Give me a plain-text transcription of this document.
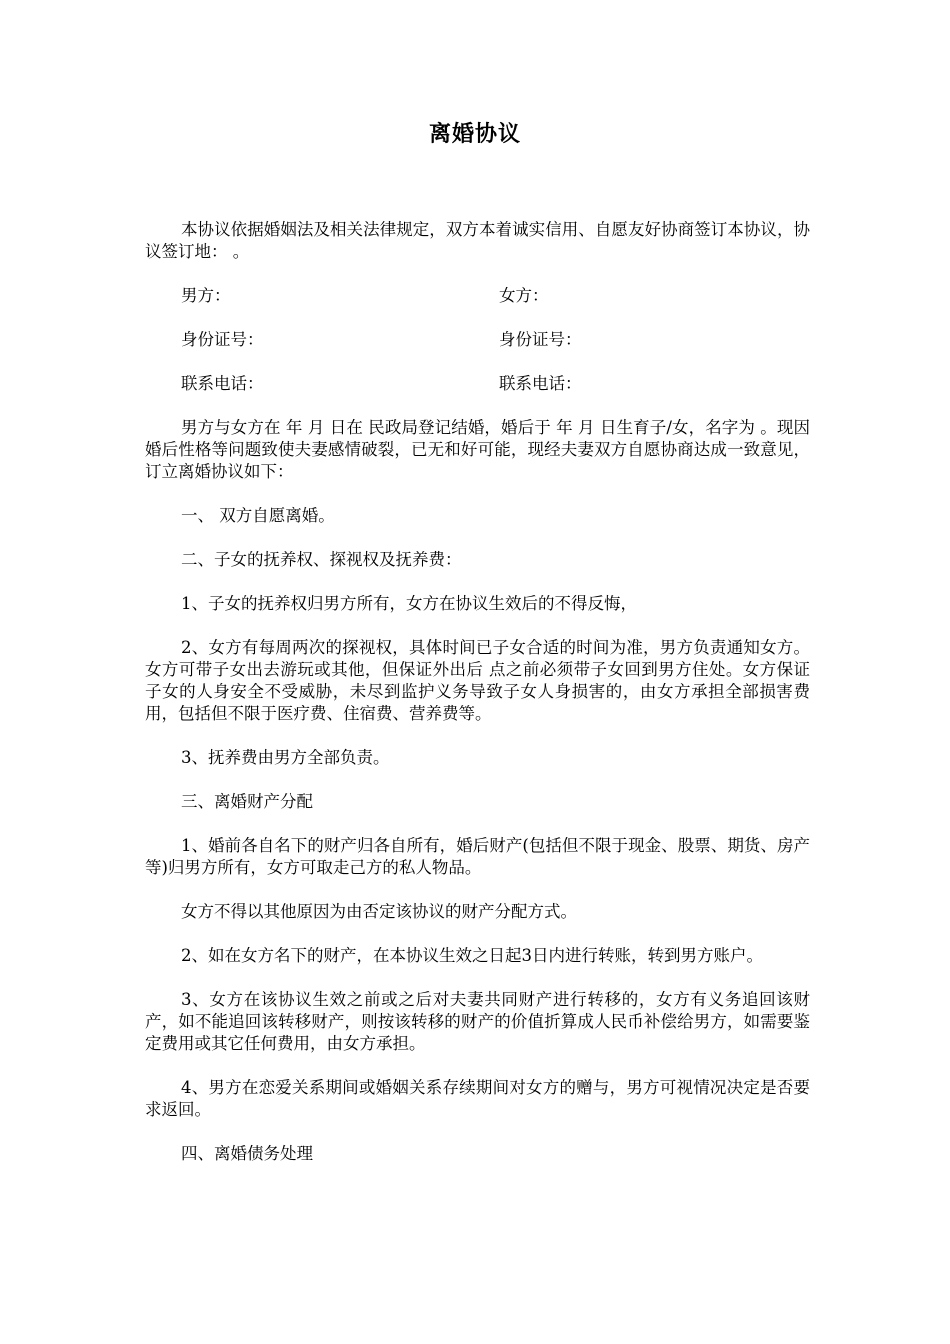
离婚协议

本协议依据婚姻法及相关法律规定，双方本着诚实信用、自愿友好协商签订本协议，协议签订地： 。

男方：	女方：
身份证号：	身份证号：
联系电话：	联系电话：

男方与女方在 年 月 日在 民政局登记结婚，婚后于 年 月 日生育子/女，名字为 。现因婚后性格等问题致使夫妻感情破裂，已无和好可能，现经夫妻双方自愿协商达成一致意见，订立离婚协议如下：

一、 双方自愿离婚。

二、子女的抚养权、探视权及抚养费：

1、子女的抚养权归男方所有，女方在协议生效后的不得反悔，

2、女方有每周两次的探视权，具体时间已子女合适的时间为准，男方负责通知女方。女方可带子女出去游玩或其他，但保证外出后 点之前必须带子女回到男方住处。女方保证子女的人身安全不受威胁，未尽到监护义务导致子女人身损害的，由女方承担全部损害费用，包括但不限于医疗费、住宿费、营养费等。

3、抚养费由男方全部负责。

三、离婚财产分配

1、婚前各自名下的财产归各自所有，婚后财产(包括但不限于现金、股票、期货、房产等)归男方所有，女方可取走己方的私人物品。

女方不得以其他原因为由否定该协议的财产分配方式。

2、如在女方名下的财产，在本协议生效之日起3日内进行转账，转到男方账户。

3、女方在该协议生效之前或之后对夫妻共同财产进行转移的，女方有义务追回该财产，如不能追回该转移财产，则按该转移的财产的价值折算成人民币补偿给男方，如需要鉴定费用或其它任何费用，由女方承担。

4、男方在恋爱关系期间或婚姻关系存续期间对女方的赠与，男方可视情况决定是否要求返回。

四、离婚债务处理
